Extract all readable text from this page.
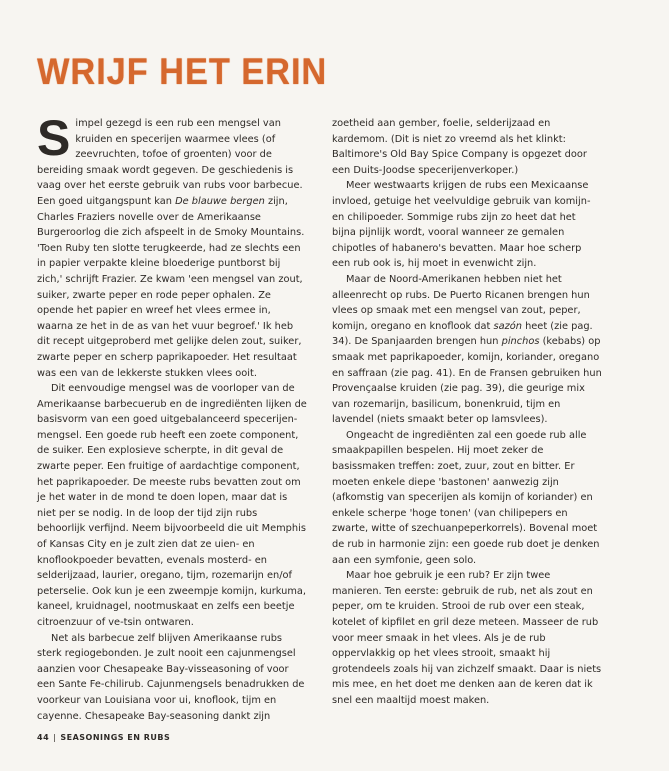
WRIJF HET ERIN

Simpel gezegd is een rub een mengsel van kruiden en specerijen waarmee vlees (of zeevruchten, tofoe of groenten) voor de bereiding smaak wordt gegeven. De geschiedenis is vaag over het eerste gebruik van rubs voor barbecue. Een goed uitgangspunt kan De blauwe bergen zijn, Charles Fraziers novelle over de Amerikaanse Burgeroorlog die zich afspeelt in de Smoky Mountains. 'Toen Ruby ten slotte terugkeerde, had ze slechts een in papier verpakte kleine bloederige puntborst bij zich,' schrijft Frazier. Ze kwam 'een mengsel van zout, suiker, zwarte peper en rode peper ophalen. Ze opende het papier en wreef het vlees ermee in, waarna ze het in de as van het vuur begroef.' Ik heb dit recept uitgeproberd met gelijke delen zout, suiker, zwarte peper en scherp paprikapoeder. Het resultaat was een van de lekkerste stukken vlees ooit.

Dit eenvoudige mengsel was de voorloper van de Amerikaanse barbecuerub en de ingrediënten lijken de basisvorm van een goed uitgebalanceerd specerijen-mengsel. Een goede rub heeft een zoete component, de suiker. Een explosieve scherpte, in dit geval de zwarte peper. Een fruitige of aardachtige component, het paprikapoeder. De meeste rubs bevatten zout om je het water in de mond te doen lopen, maar dat is niet per se nodig. In de loop der tijd zijn rubs behoorlijk verfijnd. Neem bijvoorbeeld die uit Memphis of Kansas City en je zult zien dat ze uien- en knoflookpoeder bevatten, evenals mosterd- en selderijzaad, laurier, oregano, tijm, rozemarijn en/of peterselie. Ook kun je een zweempje komijn, kurkuma, kaneel, kruidnagel, nootmuskaat en zelfs een beetje citroenzuur of ve-tsin ontwaren.

Net als barbecue zelf blijven Amerikaanse rubs sterk regiogebonden. Je zult nooit een cajunmengsel aanzien voor Chesapeake Bay-visseasoning of voor een Sante Fe-chilirub. Cajunmengsels benadrukken de voorkeur van Louisiana voor ui, knoflook, tijm en cayenne. Chesapeake Bay-seasoning dankt zijn

zoetheid aan gember, foelie, selderijzaad en kardemom. (Dit is niet zo vreemd als het klinkt: Baltimore's Old Bay Spice Company is opgezet door een Duits-Joodse specerijenverkoper.)

Meer westwaarts krijgen de rubs een Mexicaanse invloed, getuige het veelvuldige gebruik van komijn- en chilipoeder. Sommige rubs zijn zo heet dat het bijna pijnlijk wordt, vooral wanneer ze gemalen chipotles of habanero's bevatten. Maar hoe scherp een rub ook is, hij moet in evenwicht zijn.

Maar de Noord-Amerikanen hebben niet het alleenrecht op rubs. De Puerto Ricanen brengen hun vlees op smaak met een mengsel van zout, peper, komijn, oregano en knoflook dat sazón heet (zie pag. 34). De Spanjaarden brengen hun pinchos (kebabs) op smaak met paprikapoeder, komijn, koriander, oregano en saffraan (zie pag. 41). En de Fransen gebruiken hun Provençaalse kruiden (zie pag. 39), die geurige mix van rozemarijn, basilicum, bonenkruid, tijm en lavendel (niets smaakt beter op lamsvlees).

Ongeacht de ingrediënten zal een goede rub alle smaakpapillen bespelen. Hij moet zeker de basissmaken treffen: zoet, zuur, zout en bitter. Er moeten enkele diepe 'bastonen' aanwezig zijn (afkomstig van specerijen als komijn of koriander) en enkele scherpe 'hoge tonen' (van chilipepers en zwarte, witte of szechuanpeperkorrels). Bovenal moet de rub in harmonie zijn: een goede rub doet je denken aan een symfonie, geen solo.

Maar hoe gebruik je een rub? Er zijn twee manieren. Ten eerste: gebruik de rub, net als zout en peper, om te kruiden. Strooi de rub over een steak, kotelet of kipfilet en gril deze meteen. Masseer de rub voor meer smaak in het vlees. Als je de rub oppervlakkig op het vlees strooit, smaakt hij grotendeels zoals hij van zichzelf smaakt. Daar is niets mis mee, en het doet me denken aan de keren dat ik snel een maaltijd moest maken.

44 | SEASONINGS EN RUBS
